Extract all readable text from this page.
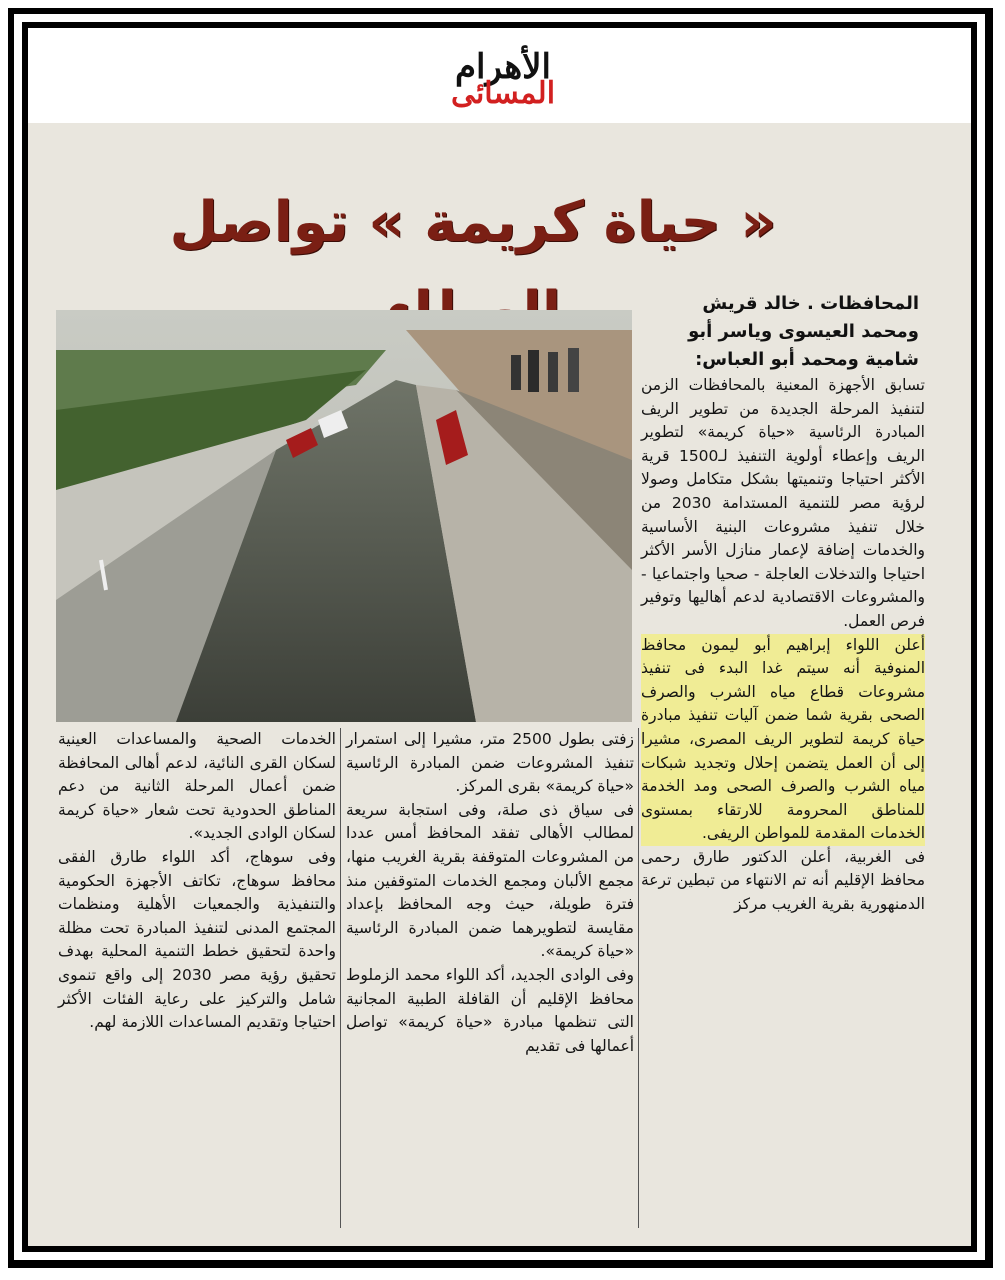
الأهرام
المسائى
« حياة كريمة » تواصل
المحافظات . خالد قريش ومحمد العيسوى وياسر أبو شامية ومحمد أبو العباس:

تسابق الأجهزة المعنية بالمحافظات الزمن لتنفيذ المرحلة الجديدة من تطوير الريف المبادرة الرئاسية «حياة كريمة» لتطوير الريف وإعطاء أولوية التنفيذ لـ1500 قرية الأكثر احتياجا وتنميتها بشكل متكامل وصولا لرؤية مصر للتنمية المستدامة 2030 من خلال تنفيذ مشروعات البنية الأساسية والخدمات إضافة لإعمار منازل الأسر الأكثر احتياجا والتدخلات العاجلة - صحيا واجتماعيا - والمشروعات الاقتصادية لدعم أهاليها وتوفير فرص العمل.

أعلن اللواء إبراهيم أبو ليمون محافظ المنوفية أنه سيتم غدا البدء فى تنفيذ مشروعات قطاع مياه الشرب والصرف الصحى بقرية شما ضمن آليات تنفيذ مبادرة حياة كريمة لتطوير الريف المصرى، مشيرا إلى أن العمل يتضمن إحلال وتجديد شبكات مياه الشرب والصرف الصحى ومد الخدمة للمناطق المحرومة للارتقاء بمستوى الخدمات المقدمة للمواطن الريفى.

فى الغربية، أعلن الدكتور طارق رحمى محافظ الإقليم أنه تم الانتهاء من تبطين ترعة الدمنهورية بقرية الغريب مركز

زفتى بطول 2500 متر، مشيرا إلى استمرار تنفيذ المشروعات ضمن المبادرة الرئاسية «حياة كريمة» بقرى المركز.

فى سياق ذى صلة، وفى استجابة سريعة لمطالب الأهالى تفقد المحافظ أمس عددا من المشروعات المتوقفة بقرية الغريب منها، مجمع الألبان ومجمع الخدمات المتوقفين منذ فترة طويلة، حيث وجه المحافظ بإعداد مقايسة لتطويرهما ضمن المبادرة الرئاسية «حياة كريمة».

وفى الوادى الجديد، أكد اللواء محمد الزملوط محافظ الإقليم أن القافلة الطبية المجانية التى تنظمها مبادرة «حياة كريمة» تواصل أعمالها فى تقديم

الخدمات الصحية والمساعدات العينية لسكان القرى النائية، لدعم أهالى المحافظة ضمن أعمال المرحلة الثانية من دعم المناطق الحدودية تحت شعار «حياة كريمة لسكان الوادى الجديد».

وفى سوهاج، أكد اللواء طارق الفقى محافظ سوهاج، تكاتف الأجهزة الحكومية والتنفيذية والجمعيات الأهلية ومنظمات المجتمع المدنى لتنفيذ المبادرة تحت مظلة واحدة لتحقيق خطط التنمية المحلية بهدف تحقيق رؤية مصر 2030 إلى واقع تنموى شامل والتركيز على رعاية الفئات الأكثر احتياجا وتقديم المساعدات اللازمة لهم.
